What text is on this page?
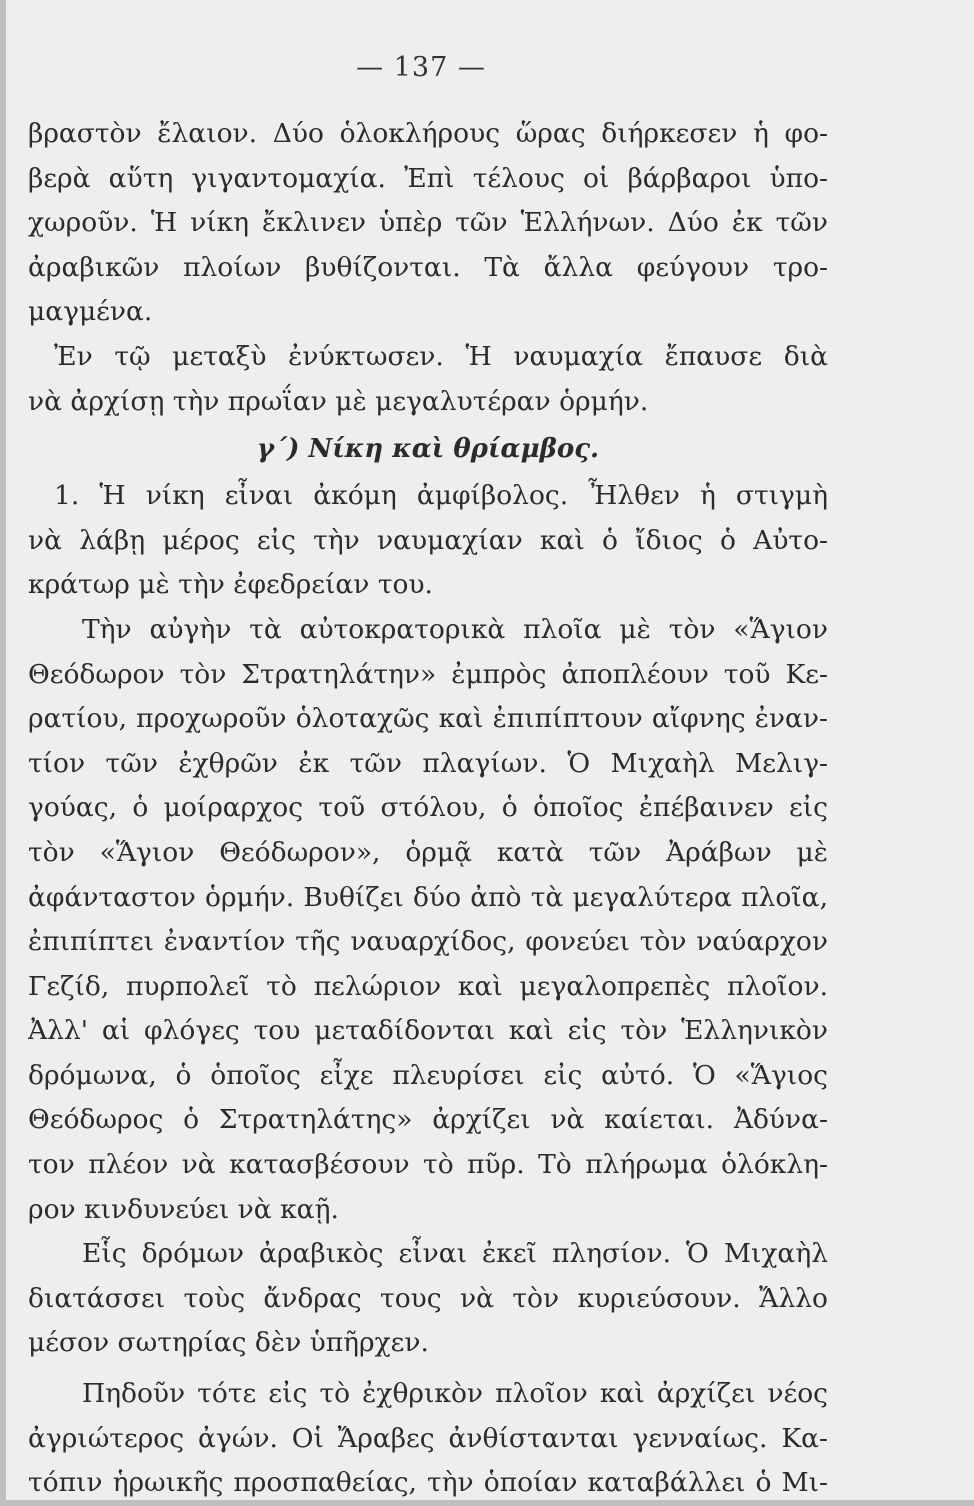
— 137 —
βραστὸν ἔλαιον. Δύο ὁλοκλήρους ὥρας διήρκεσεν ἡ φο-
βερὰ αὕτη γιγαντομαχία. Ἐπὶ τέλους οἱ βάρβαροι ὑπο-
χωροῦν. Ἡ νίκη ἔκλινεν ὑπὲρ τῶν Ἑλλήνων. Δύο ἐκ τῶν
ἀραβικῶν πλοίων βυθίζονται. Τὰ ἄλλα φεύγουν τρο-
μαγμένα.
Ἐν τῷ μεταξὺ ἐνύκτωσεν. Ἡ ναυμαχία ἔπαυσε διὰ
νὰ ἀρχίσῃ τὴν πρωΐαν μὲ μεγαλυτέραν ὁρμήν.
γ΄) Νίκη καὶ θρίαμβος.
1. Ἡ νίκη εἶναι ἀκόμη ἀμφίβολος. Ἦλθεν ἡ στιγμὴ
νὰ λάβῃ μέρος εἰς τὴν ναυμαχίαν καὶ ὁ ἴδιος ὁ Αὐτο-
κράτωρ μὲ τὴν ἐφεδρείαν του.
Τὴν αὐγὴν τὰ αὐτοκρατορικὰ πλοῖα μὲ τὸν «Ἅγιον
Θεόδωρον τὸν Στρατηλάτην» ἐμπρὸς ἀποπλέουν τοῦ Κε-
ρατίου, προχωροῦν ὁλοταχῶς καὶ ἐπιπίπτουν αἴφνης ἐναν-
τίον τῶν ἐχθρῶν ἐκ τῶν πλαγίων. Ὁ Μιχαὴλ Μελιγ-
γούας, ὁ μοίραρχος τοῦ στόλου, ὁ ὁποῖος ἐπέβαινεν εἰς
τὸν «Ἅγιον Θεόδωρον», ὁρμᾷ κατὰ τῶν Ἀράβων μὲ
ἀφάνταστον ὁρμήν. Βυθίζει δύο ἀπὸ τὰ μεγαλύτερα πλοῖα,
ἐπιπίπτει ἐναντίον τῆς ναυαρχίδος, φονεύει τὸν ναύαρχον
Γεζίδ, πυρπολεῖ τὸ πελώριον καὶ μεγαλοπρεπὲς πλοῖον.
Ἀλλ' αἱ φλόγες του μεταδίδονται καὶ εἰς τὸν Ἑλληνικὸν
δρόμωνα, ὁ ὁποῖος εἶχε πλευρίσει εἰς αὐτό. Ὁ «Ἅγιος
Θεόδωρος ὁ Στρατηλάτης» ἀρχίζει νὰ καίεται. Ἀδύνα-
τον πλέον νὰ κατασβέσουν τὸ πῦρ. Τὸ πλήρωμα ὁλόκλη-
ρον κινδυνεύει νὰ καῇ.
Εἷς δρόμων ἀραβικὸς εἶναι ἐκεῖ πλησίον. Ὁ Μιχαὴλ
διατάσσει τοὺς ἄνδρας τους νὰ τὸν κυριεύσουν. Ἄλλο
μέσον σωτηρίας δὲν ὑπῆρχεν.
Πηδοῦν τότε εἰς τὸ ἐχθρικὸν πλοῖον καὶ ἀρχίζει νέος
ἀγριώτερος ἀγών. Οἱ Ἄραβες ἀνθίστανται γενναίως. Κα-
τόπιν ἡρωικῆς προσπαθείας, τὴν ὁποίαν καταβάλλει ὁ Μι-
